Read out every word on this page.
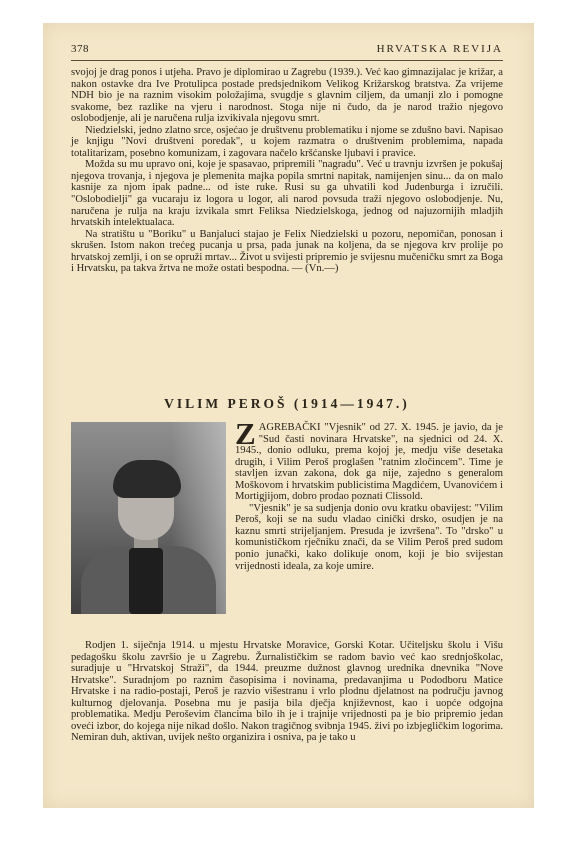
378	HRVATSKA REVIJA

svojoj je drag ponos i utjeha. Pravo je diplomirao u Zagrebu (1939.). Već kao gimnazijalac je križar, a nakon ostavke dra Ive Protulipca postade predsjednikom Velikog Križarskog bratstva. Za vrijeme NDH bio je na raznim visokim položajima, svugdje s glavnim ciljem, da umanji zlo i pomogne svakome, bez razlike na vjeru i narodnost. Stoga nije ni čudo, da je narod tražio njegovo oslobodjenje, ali je naručena rulja izvikivala njegovu smrt.

Niedzielski, jedno zlatno srce, osjećao je društvenu problematiku i njome se zdušno bavi. Napisao je knjigu "Novi društveni poredak", u kojem razmatra o društvenim problemima, napada totalitarizam, posebno komunizam, i zagovara načelo kršćanske ljubavi i pravice.

Možda su mu upravo oni, koje je spasavao, pripremili "nagradu". Već u travnju izvršen je pokušaj njegova trovanja, i njegova je plemenita majka popila smrtni napitak, namijenjen sinu... da on malo kasnije za njom ipak padne... od iste ruke. Rusi su ga uhvatili kod Judenburga i izručili. "Oslobodielji" ga vucaraju iz logora u logor, ali narod povsuda traži njegovo oslobodjenje. Nu, naručena je rulja na kraju izvikala smrt Feliksa Niedzielskoga, jednog od najuzornijih mladjih hrvatskih intelektualaca.

Na stratištu u "Boriku" u Banjaluci stajao je Felix Niedzielski u pozoru, nepomičan, ponosan i skrušen. Istom nakon trećeg pucanja u prsa, pada junak na koljena, da se njegova krv prolije po hrvatskoj zemlji, i on se opruži mrtav... Život u svijesti pripremio je svijesnu mučeničku smrt za Boga i Hrvatsku, pa takva žrtva ne može ostati bespodna. — (Vn.—)

VILIM PEROŠ (1914—1947.)

ZAGREBAČKI "Vjesnik" od 27. X. 1945. je javio, da je "Sud časti novinara Hrvatske", na sjednici od 24. X. 1945., donio odluku, prema kojoj je, medju više desetaka drugih, i Vilim Peroš proglašen "ratnim zločincem". Time je stavljen izvan zakona, dok ga nije, zajedno s generalom Moškovom i hrvatskim publicistima Magdićem, Uvanovićem i Mortigjijom, dobro prodao poznati Clissold.

"Vjesnik" je sa sudjenja donio ovu kratku obavijest: "Vilim Peroš, koji se na sudu vladao cinički drsko, osudjen je na kaznu smrti strijeljanjem. Presuda je izvršena". To "drsko" u komunističkom rječniku znači, da se Vilim Peroš pred sudom ponio junački, kako dolikuje onom, koji je bio svijestan vrijednosti ideala, za koje umire.

Rodjen 1. siječnja 1914. u mjestu Hrvatske Moravice, Gorski Kotar. Učiteljsku školu i Višu pedagošku školu završio je u Zagrebu. Žurnalističkim se radom bavio već kao srednjoškolac, suradjuje u "Hrvatskoj Straži", da 1944. preuzme dužnost glavnog urednika dnevnika "Nove Hrvatske". Suradnjom po raznim časopisima i novinama, predavanjima u Pododboru Matice Hrvatske i na radio-postaji, Peroš je razvio višestranu i vrlo plodnu djelatnost na području javnog kulturnog djelovanja. Posebna mu je pasija bila dječja književnost, kao i uopće odgojna problematika. Medju Peroševim člancima bilo ih je i trajnije vrijednosti pa je bio pripremio jedan oveći izbor, do kojega nije nikad došlo. Nakon tragičnog svibnja 1945. živi po izbjegličkim logorima. Nemiran duh, aktivan, uvijek nešto organizira i osniva, pa je tako u
